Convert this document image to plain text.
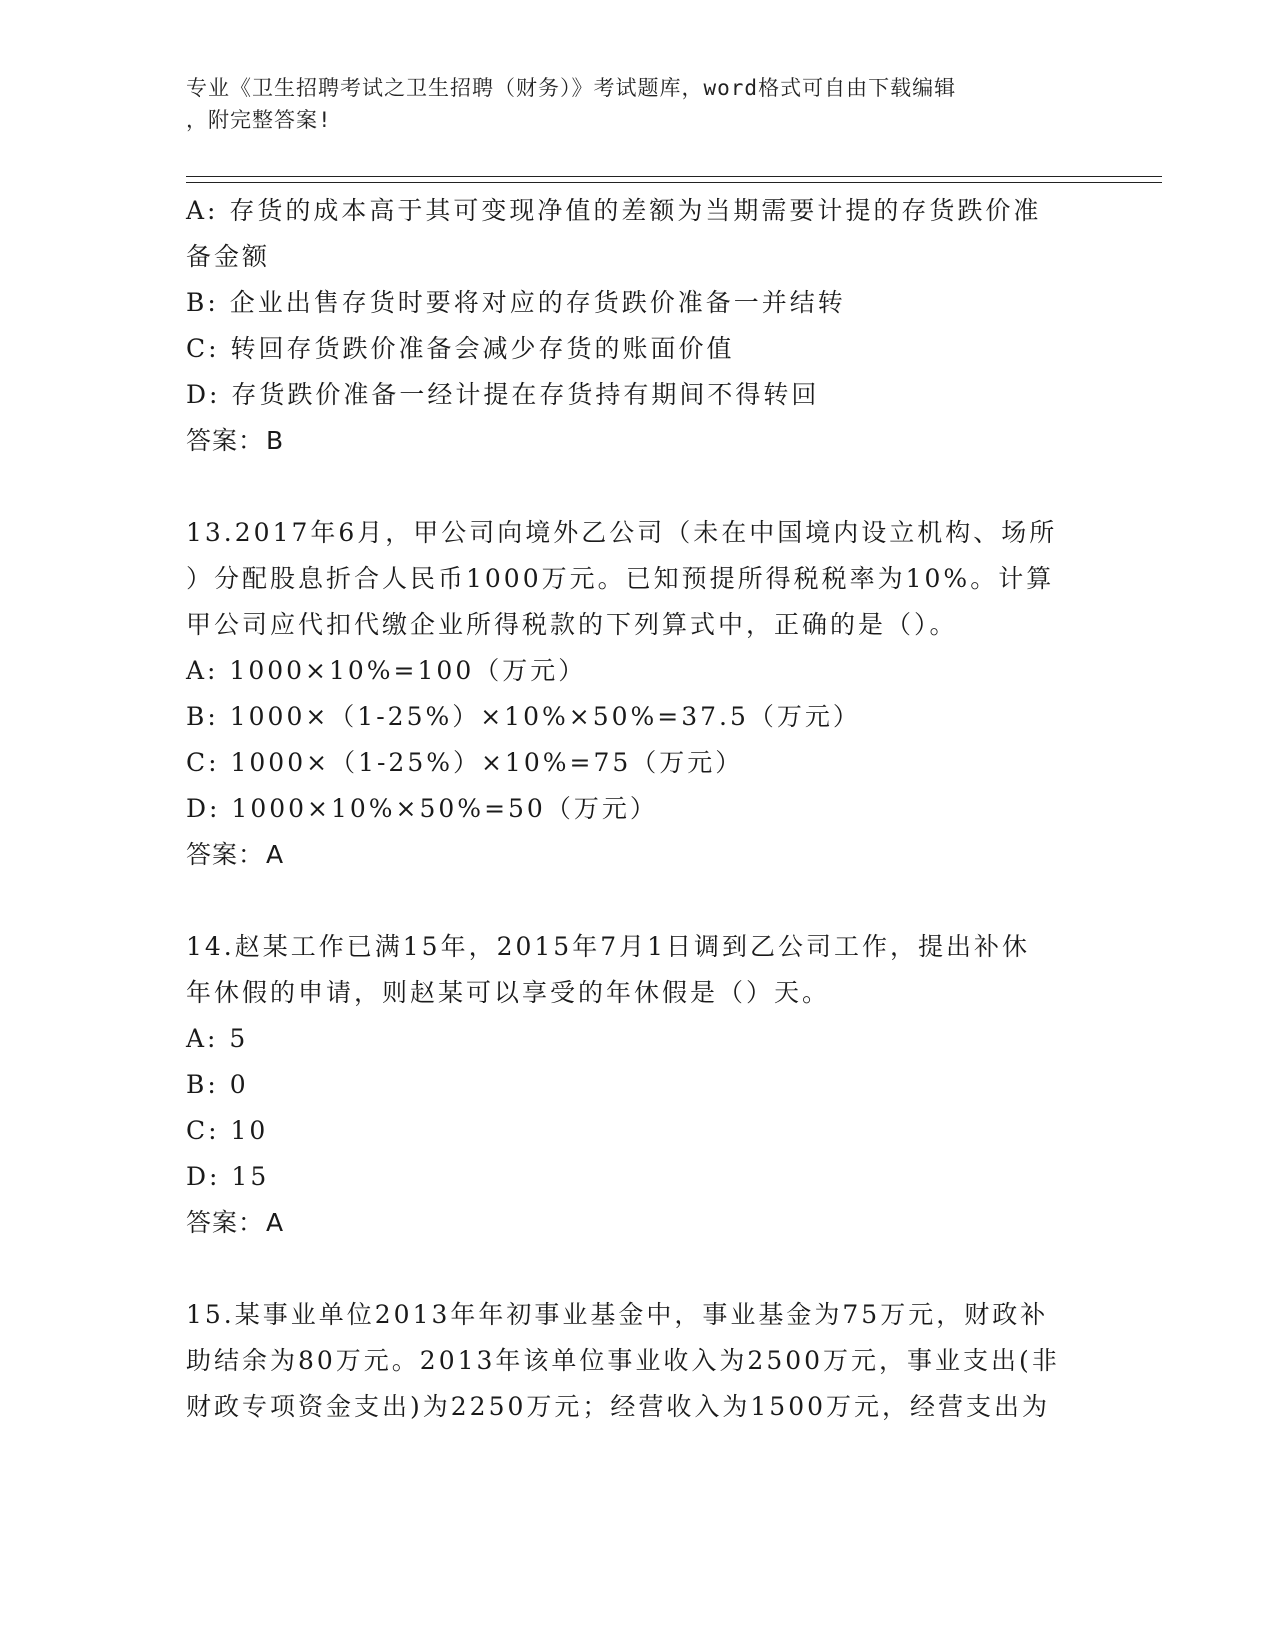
专业《卫生招聘考试之卫生招聘（财务）》考试题库，word格式可自由下载编辑
，附完整答案!
A: 存货的成本高于其可变现净值的差额为当期需要计提的存货跌价准
备金额
B: 企业出售存货时要将对应的存货跌价准备一并结转
C: 转回存货跌价准备会减少存货的账面价值
D: 存货跌价准备一经计提在存货持有期间不得转回
答案：B
13.2017年6月，甲公司向境外乙公司（未在中国境内设立机构、场所
）分配股息折合人民币1000万元。已知预提所得税税率为10%。计算
甲公司应代扣代缴企业所得税款的下列算式中，正确的是（）。
A: 1000×10%=100（万元）
B: 1000×（1-25%）×10%×50%=37.5（万元）
C: 1000×（1-25%）×10%=75（万元）
D: 1000×10%×50%=50（万元）
答案：A
14.赵某工作已满15年，2015年7月1日调到乙公司工作，提出补休
年休假的申请，则赵某可以享受的年休假是（）天。
A: 5
B: 0
C: 10
D: 15
答案：A
15.某事业单位2013年年初事业基金中，事业基金为75万元，财政补
助结余为80万元。2013年该单位事业收入为2500万元，事业支出(非
财政专项资金支出)为2250万元；经营收入为1500万元，经营支出为
